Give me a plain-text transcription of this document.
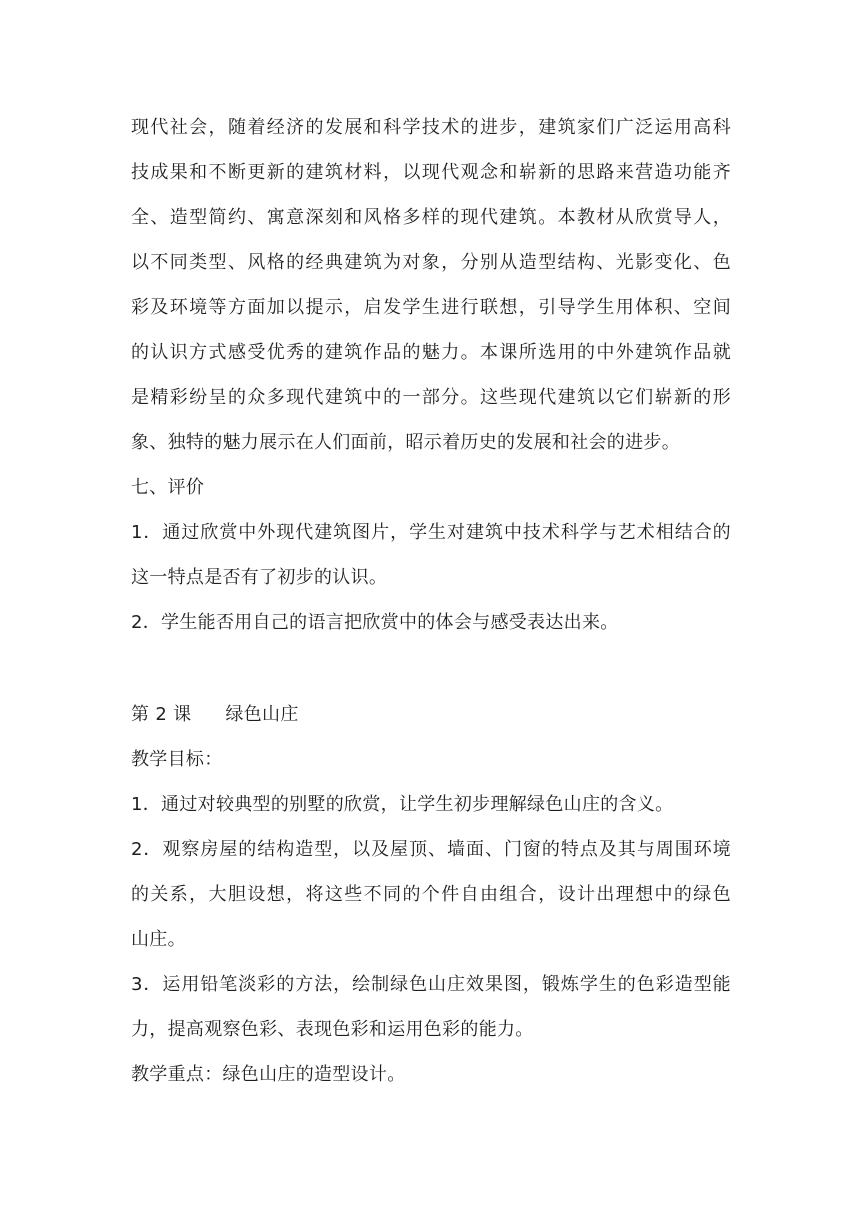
现代社会，随着经济的发展和科学技术的进步，建筑家们广泛运用高科
技成果和不断更新的建筑材料，以现代观念和崭新的思路来营造功能齐
全、造型简约、寓意深刻和风格多样的现代建筑。本教材从欣赏导人，
以不同类型、风格的经典建筑为对象，分别从造型结构、光影变化、色
彩及环境等方面加以提示，启发学生进行联想，引导学生用体积、空间
的认识方式感受优秀的建筑作品的魅力。本课所选用的中外建筑作品就
是精彩纷呈的众多现代建筑中的一部分。这些现代建筑以它们崭新的形
象、独特的魅力展示在人们面前，昭示着历史的发展和社会的进步。
七、评价
1．通过欣赏中外现代建筑图片，学生对建筑中技术科学与艺术相结合的
这一特点是否有了初步的认识。
2．学生能否用自己的语言把欣赏中的体会与感受表达出来。
第 2 课 绿色山庄
教学目标：
1．通过对较典型的别墅的欣赏，让学生初步理解绿色山庄的含义。
2．观察房屋的结构造型，以及屋顶、墙面、门窗的特点及其与周围环境
的关系，大胆设想，将这些不同的个件自由组合，设计出理想中的绿色
山庄。
3．运用铅笔淡彩的方法，绘制绿色山庄效果图，锻炼学生的色彩造型能
力，提高观察色彩、表现色彩和运用色彩的能力。
教学重点：绿色山庄的造型设计。
